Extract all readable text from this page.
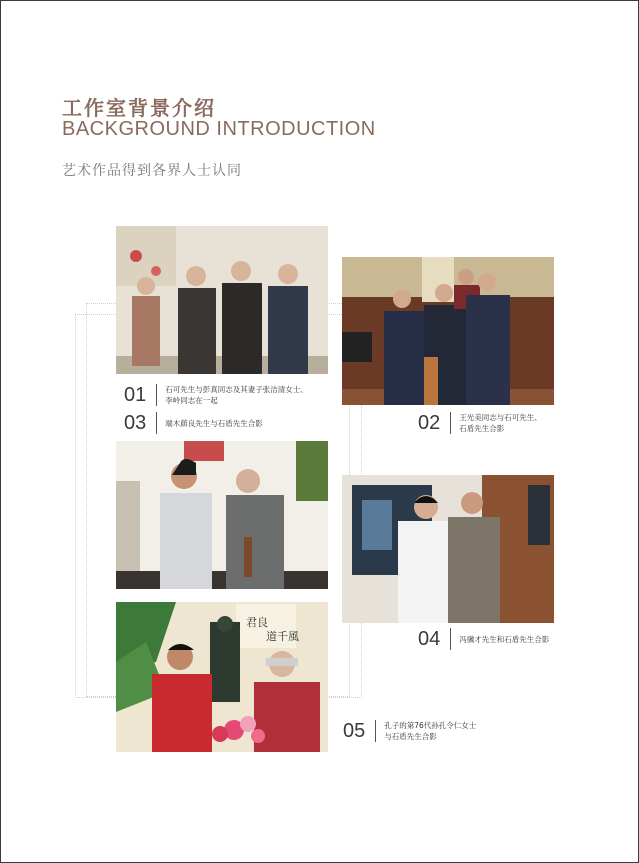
工作室背景介绍
BACKGROUND INTRODUCTION
艺术作品得到各界人士认同
01	石可先生与彭真同志及其妻子张洁清女士、
李岭同志在一起
03	端木蕻良先生与石盾先生合影	02	王光美同志与石可先生、
石盾先生合影
04	冯骥才先生和石盾先生合影
君良
道千風
05	孔子的第76代孙孔令仁女士
与石盾先生合影
